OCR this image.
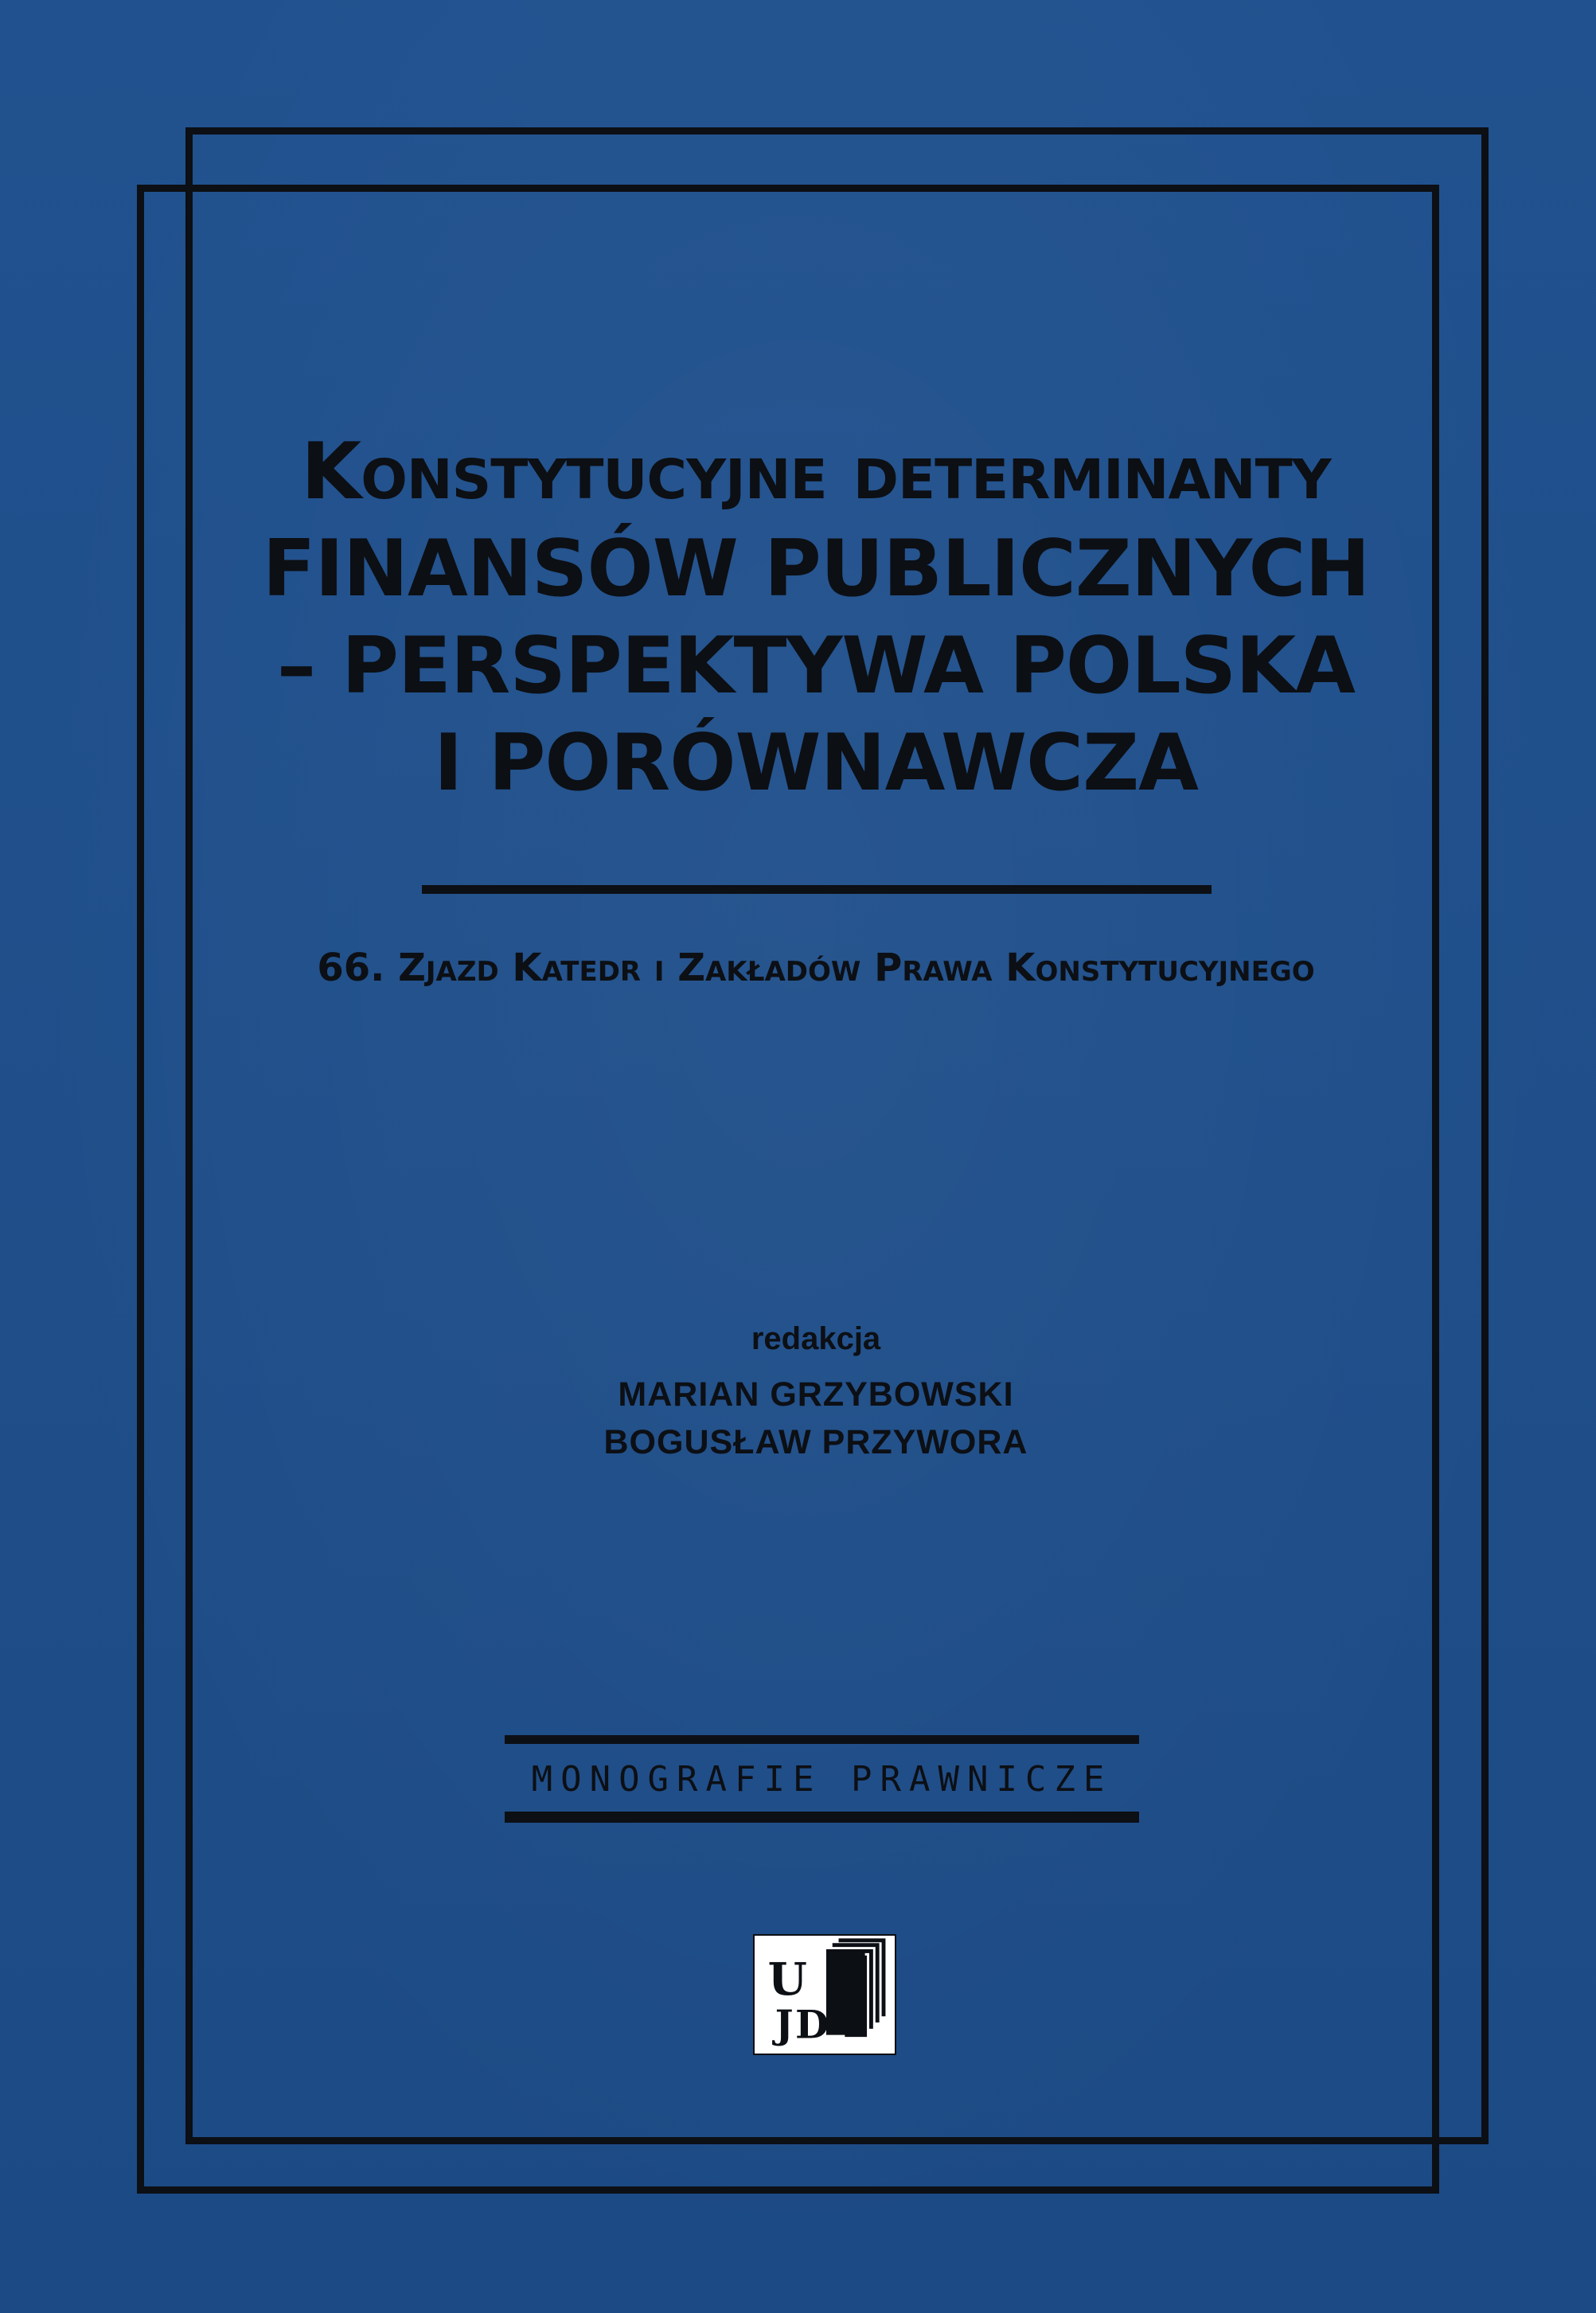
Konstytucyjne determinanty
FINANSÓW PUBLICZNYCH
– PERSPEKTYWA POLSKA
I PORÓWNAWCZA
66. Zjazd Katedr i Zakładów Prawa Konstytucyjnego
redakcja
MARIAN GRZYBOWSKI
BOGUSŁAW PRZYWORA
MONOGRAFIE PRAWNICZE
U
J D
